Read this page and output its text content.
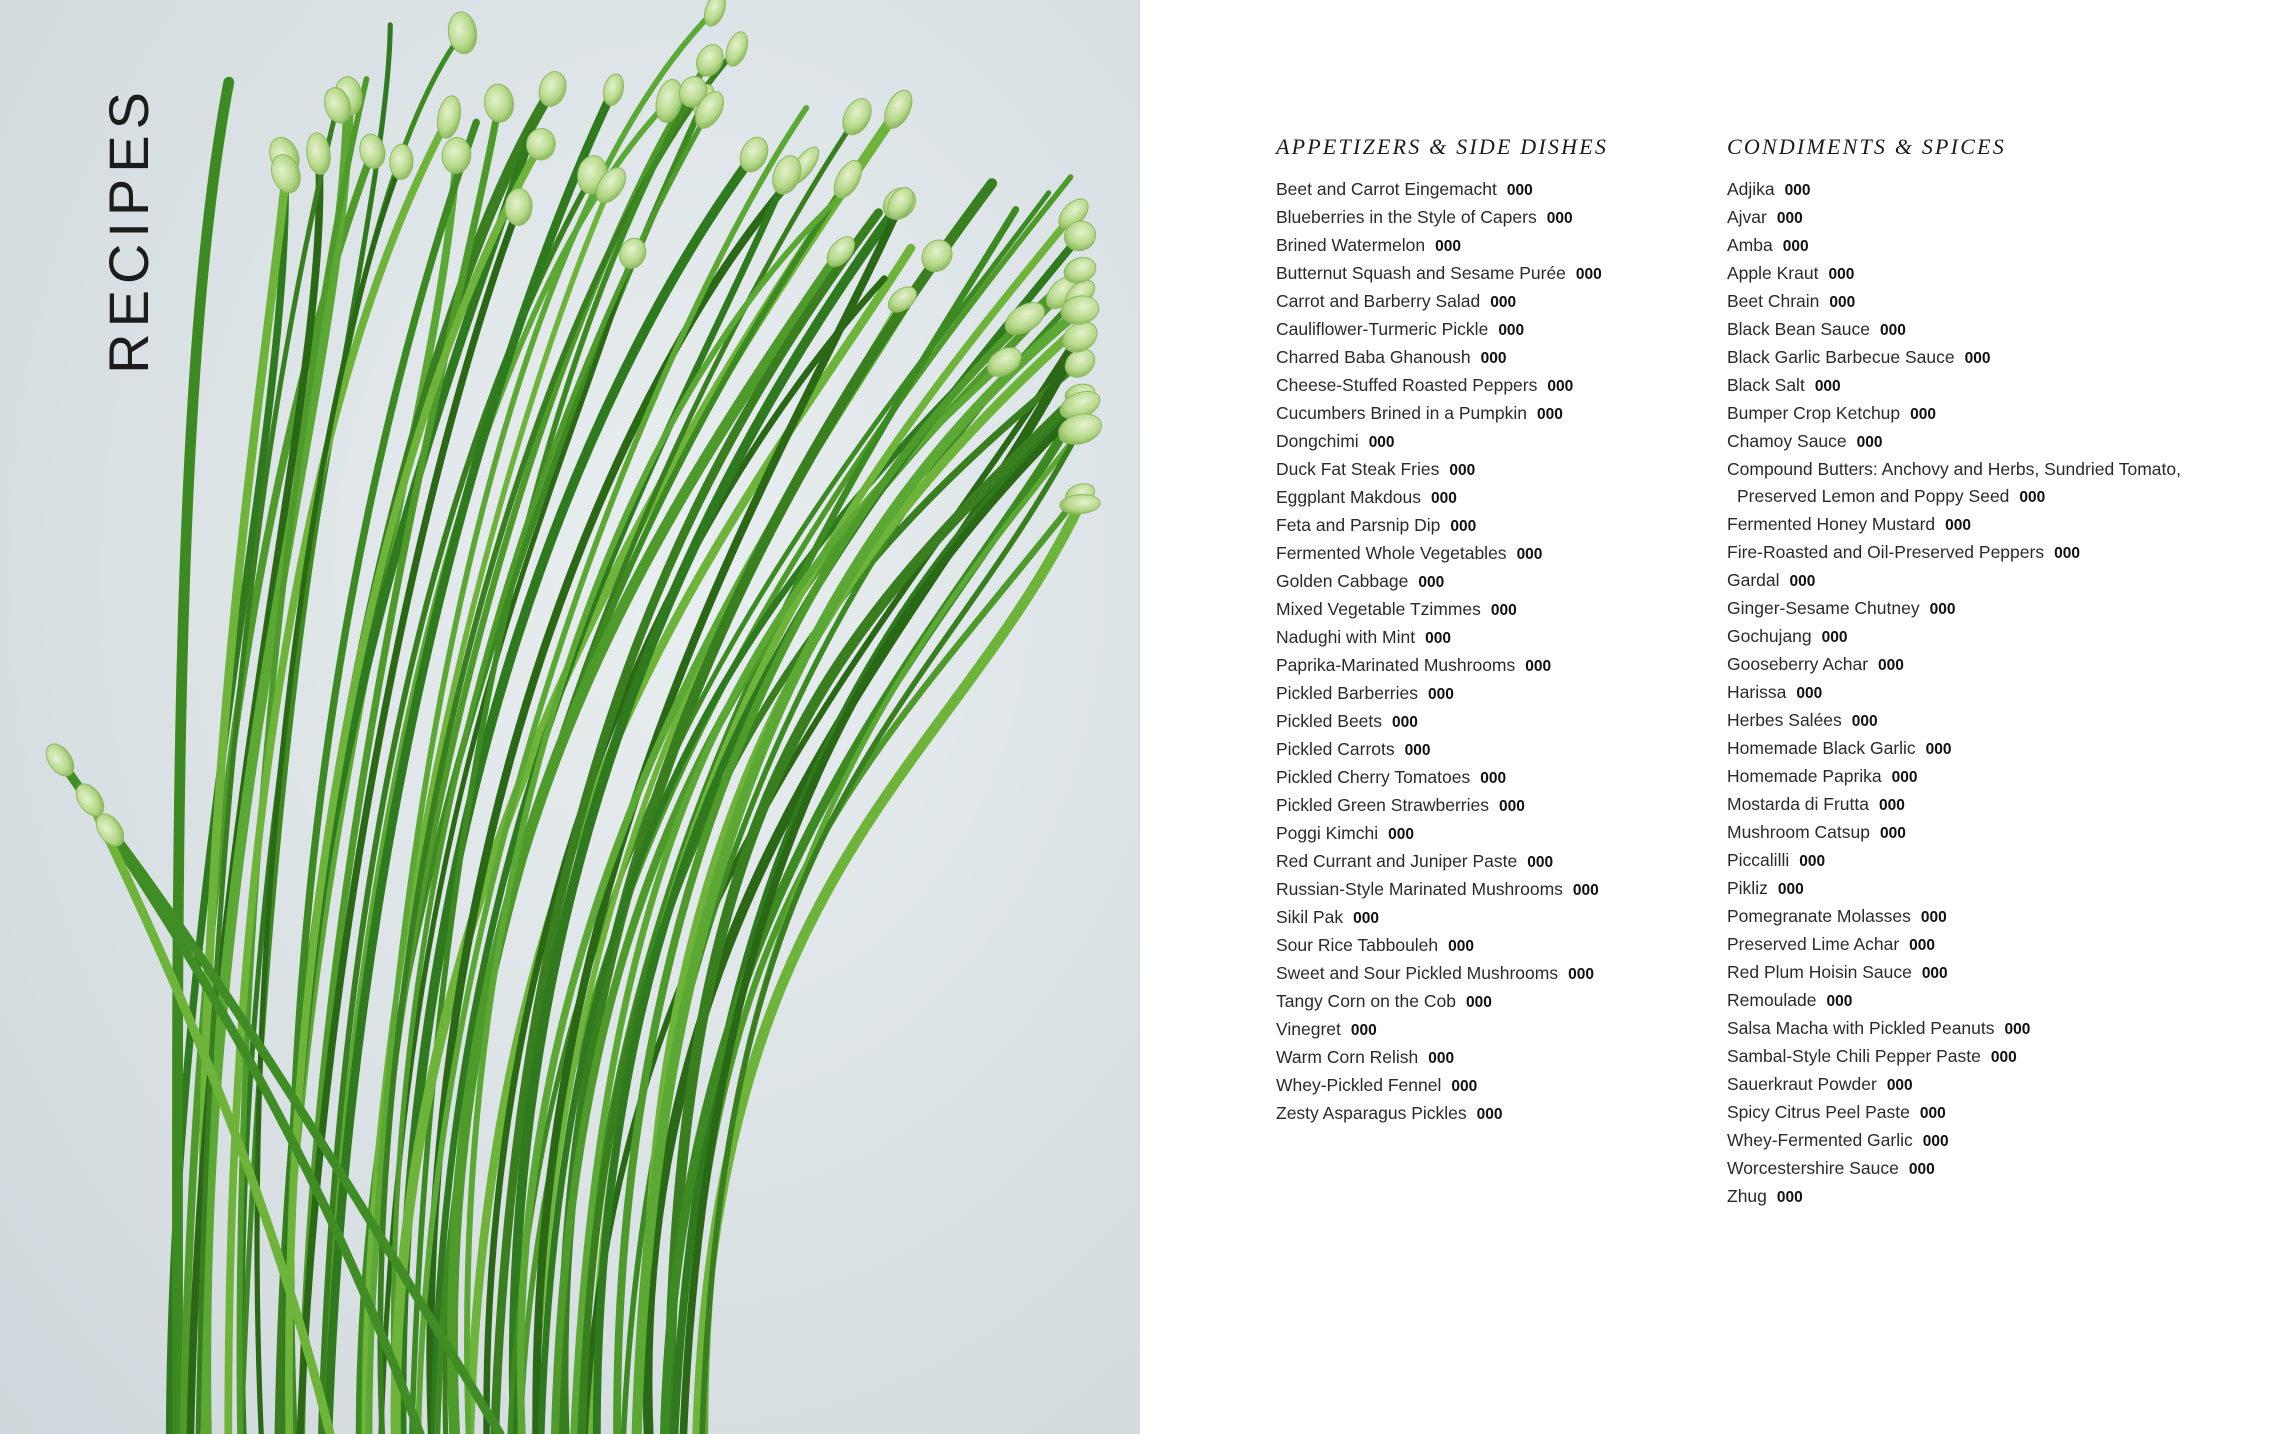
RECIPES	APPETIZERS & SIDE DISHES
Beet and Carrot Eingemacht 000
Blueberries in the Style of Capers 000
Brined Watermelon 000
Butternut Squash and Sesame Purée 000
Carrot and Barberry Salad 000
Cauliflower-Turmeric Pickle 000
Charred Baba Ghanoush 000
Cheese-Stuffed Roasted Peppers 000
Cucumbers Brined in a Pumpkin 000
Dongchimi 000
Duck Fat Steak Fries 000
Eggplant Makdous 000
Feta and Parsnip Dip 000
Fermented Whole Vegetables 000
Golden Cabbage 000
Mixed Vegetable Tzimmes 000
Nadughi with Mint 000
Paprika-Marinated Mushrooms 000
Pickled Barberries 000
Pickled Beets 000
Pickled Carrots 000
Pickled Cherry Tomatoes 000
Pickled Green Strawberries 000
Poggi Kimchi 000
Red Currant and Juniper Paste 000
Russian-Style Marinated Mushrooms 000
Sikil Pak 000
Sour Rice Tabbouleh 000
Sweet and Sour Pickled Mushrooms 000
Tangy Corn on the Cob 000
Vinegret 000
Warm Corn Relish 000
Whey-Pickled Fennel 000
Zesty Asparagus Pickles 000
CONDIMENTS & SPICES
Adjika 000
Ajvar 000
Amba 000
Apple Kraut 000
Beet Chrain 000
Black Bean Sauce 000
Black Garlic Barbecue Sauce 000
Black Salt 000
Bumper Crop Ketchup 000
Chamoy Sauce 000
Compound Butters: Anchovy and Herbs, Sundried Tomato,
Preserved Lemon and Poppy Seed 000
Fermented Honey Mustard 000
Fire-Roasted and Oil-Preserved Peppers 000
Gardal 000
Ginger-Sesame Chutney 000
Gochujang 000
Gooseberry Achar 000
Harissa 000
Herbes Salées 000
Homemade Black Garlic 000
Homemade Paprika 000
Mostarda di Frutta 000
Mushroom Catsup 000
Piccalilli 000
Pikliz 000
Pomegranate Molasses 000
Preserved Lime Achar 000
Red Plum Hoisin Sauce 000
Remoulade 000
Salsa Macha with Pickled Peanuts 000
Sambal-Style Chili Pepper Paste 000
Sauerkraut Powder 000
Spicy Citrus Peel Paste 000
Whey-Fermented Garlic 000
Worcestershire Sauce 000
Zhug 000
